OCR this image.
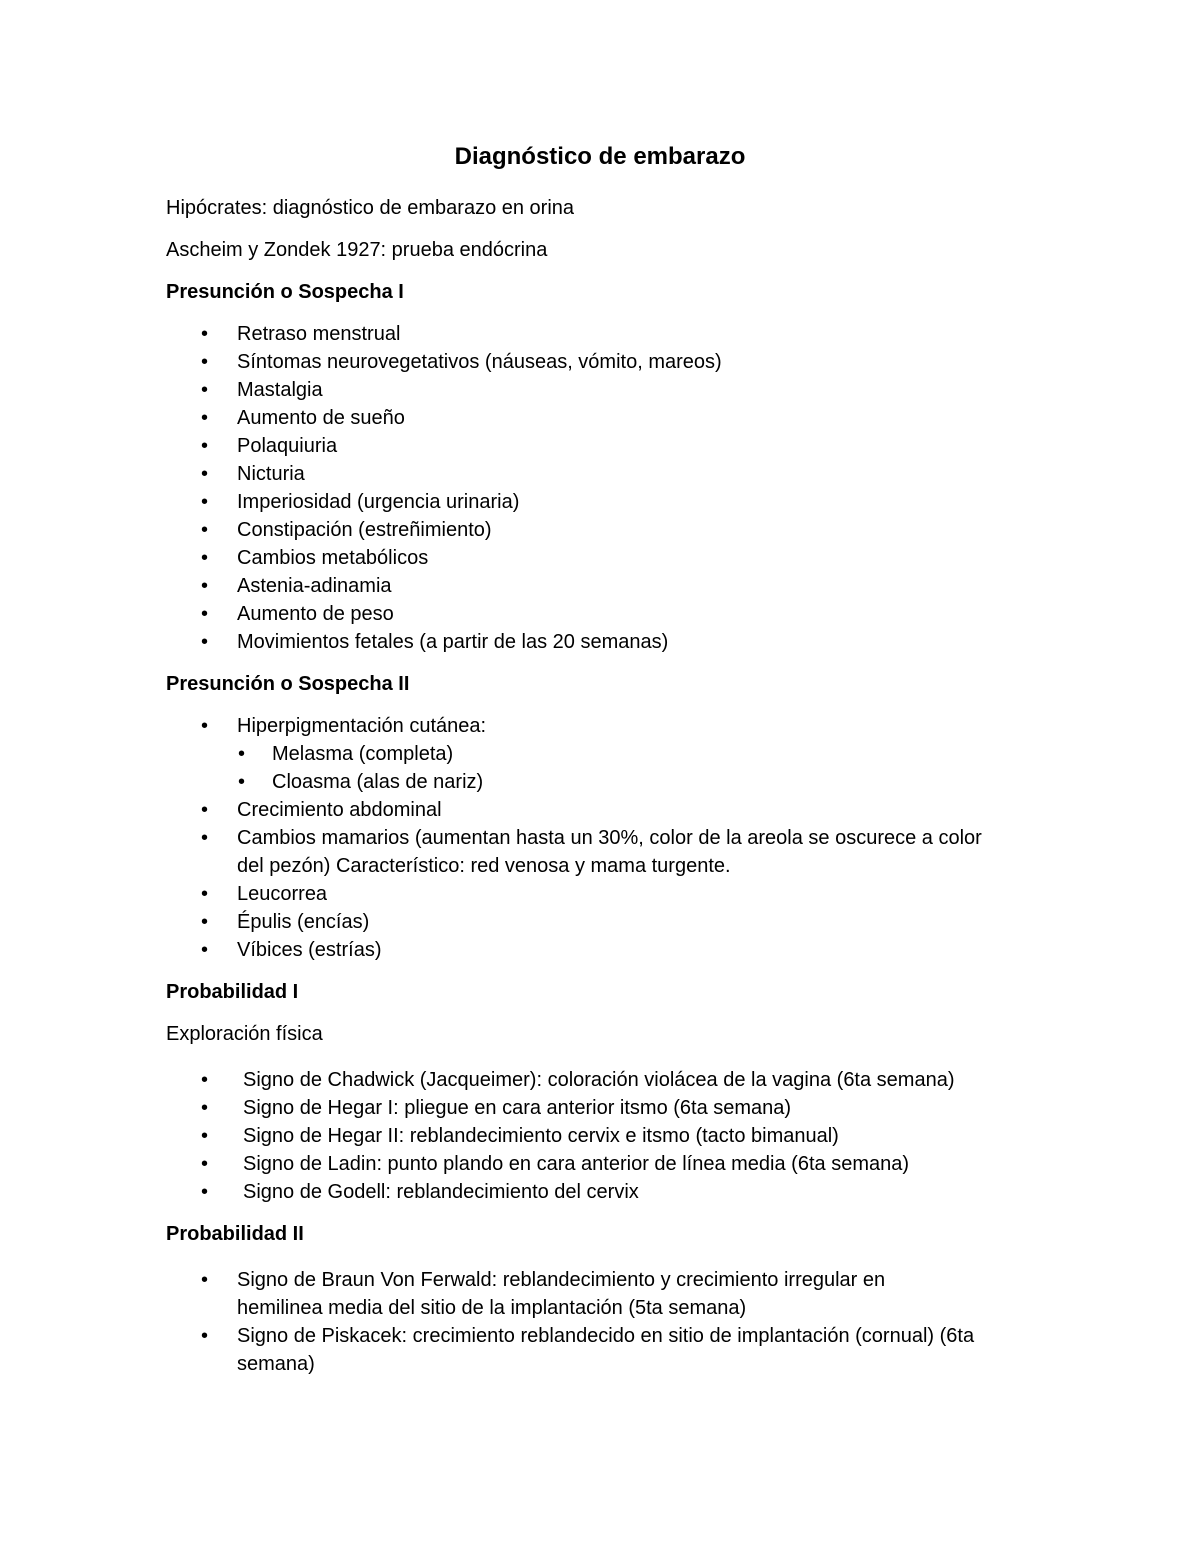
Diagnóstico de embarazo

Hipócrates: diagnóstico de embarazo en orina

Ascheim y Zondek 1927: prueba endócrina

Presunción o Sospecha I
• Retraso menstrual
• Síntomas neurovegetativos (náuseas, vómito, mareos)
• Mastalgia
• Aumento de sueño
• Polaquiuria
• Nicturia
• Imperiosidad (urgencia urinaria)
• Constipación (estreñimiento)
• Cambios metabólicos
• Astenia-adinamia
• Aumento de peso
• Movimientos fetales (a partir de las 20 semanas)
Presunción o Sospecha II
• Hiperpigmentación cutánea:
• Melasma (completa)
• Cloasma (alas de nariz)
• Crecimiento abdominal
• Cambios mamarios (aumentan hasta un 30%, color de la areola se oscurece a color del pezón) Característico: red venosa y mama turgente.
• Leucorrea
• Épulis (encías)
• Víbices (estrías)
Probabilidad I

Exploración física

• Signo de Chadwick (Jacqueimer): coloración violácea de la vagina (6ta semana)
• Signo de Hegar I: pliegue en cara anterior itsmo (6ta semana)
• Signo de Hegar II: reblandecimiento cervix e itsmo (tacto bimanual)
• Signo de Ladin: punto plando en cara anterior de línea media (6ta semana)
• Signo de Godell: reblandecimiento del cervix
Probabilidad II
• Signo de Braun Von Ferwald: reblandecimiento y crecimiento irregular en hemilinea media del sitio de la implantación (5ta semana)
• Signo de Piskacek: crecimiento reblandecido en sitio de implantación (cornual) (6ta semana)
